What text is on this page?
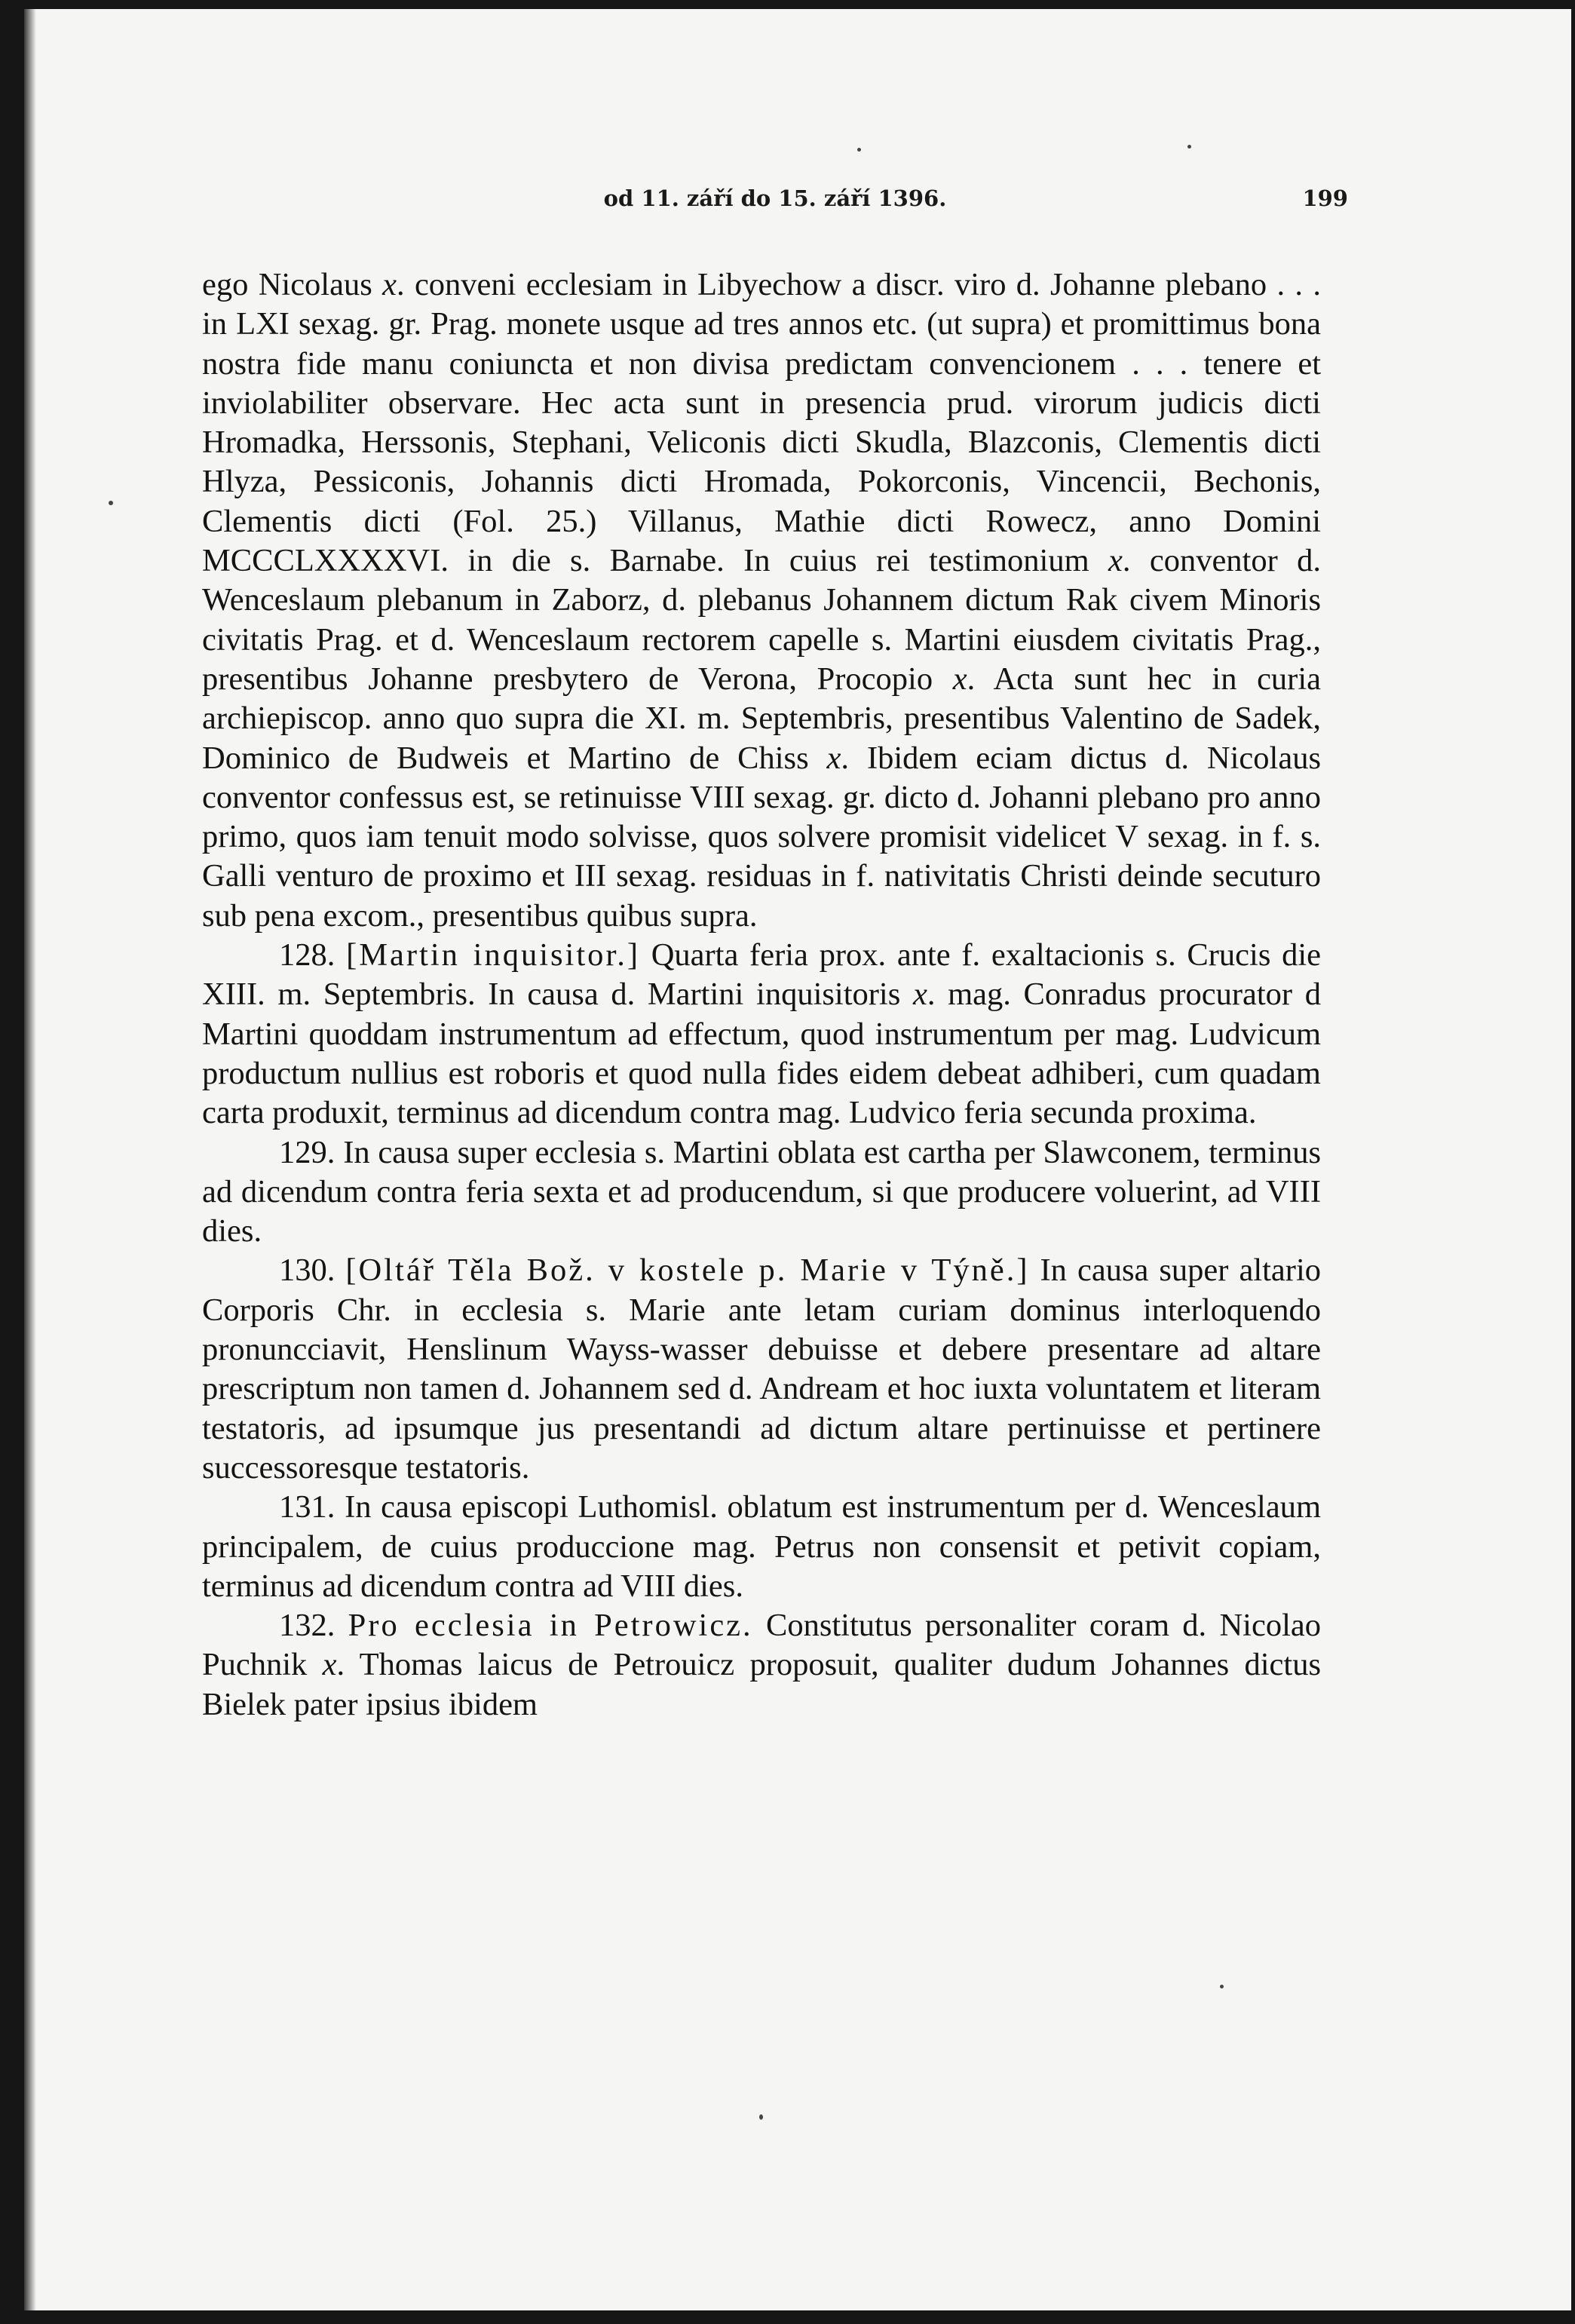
od 11. září do 15. září 1396.	199

ego Nicolaus x. conveni ecclesiam in Libyechow a discr. viro d. Johanne plebano . . . in LXI sexag. gr. Prag. monete usque ad tres annos etc. (ut supra) et promittimus bona nostra fide manu coniuncta et non divisa predictam convencionem . . . tenere et inviolabiliter observare. Hec acta sunt in presencia prud. virorum judicis dicti Hromadka, Herssonis, Stephani, Veliconis dicti Skudla, Blazconis, Clementis dicti Hlyza, Pessiconis, Johannis dicti Hromada, Pokorconis, Vincencii, Bechonis, Clementis dicti (Fol. 25.) Villanus, Mathie dicti Rowecz, anno Domini MCCCLXXXXVI. in die s. Barnabe. In cuius rei testimonium x. conventor d. Wenceslaum plebanum in Zaborz, d. plebanus Johannem dictum Rak civem Minoris civitatis Prag. et d. Wenceslaum rectorem capelle s. Martini eiusdem civitatis Prag., presentibus Johanne presbytero de Verona, Procopio x. Acta sunt hec in curia archiepiscop. anno quo supra die XI. m. Septembris, presentibus Valentino de Sadek, Dominico de Budweis et Martino de Chiss x. Ibidem eciam dictus d. Nicolaus conventor confessus est, se retinuisse VIII sexag. gr. dicto d. Johanni plebano pro anno primo, quos iam tenuit modo solvisse, quos solvere promisit videlicet V sexag. in f. s. Galli venturo de proximo et III sexag. residuas in f. nativitatis Christi deinde secuturo sub pena excom., presentibus quibus supra.

128. [Martin inquisitor.] Quarta feria prox. ante f. exaltacionis s. Crucis die XIII. m. Septembris. In causa d. Martini inquisitoris x. mag. Conradus procurator d Martini quoddam instrumentum ad effectum, quod instrumentum per mag. Ludvicum productum nullius est roboris et quod nulla fides eidem debeat adhiberi, cum quadam carta produxit, terminus ad dicendum contra mag. Ludvico feria secunda proxima.

129. In causa super ecclesia s. Martini oblata est cartha per Slawconem, terminus ad dicendum contra feria sexta et ad producendum, si que producere voluerint, ad VIII dies.

130. [Oltář Těla Bož. v kostele p. Marie v Týně.] In causa super altario Corporis Chr. in ecclesia s. Marie ante letam curiam dominus interloquendo pronuncciavit, Henslinum Wayss-wasser debuisse et debere presentare ad altare prescriptum non tamen d. Johannem sed d. Andream et hoc iuxta voluntatem et literam testatoris, ad ipsumque jus presentandi ad dictum altare pertinuisse et pertinere successoresque testatoris.

131. In causa episcopi Luthomisl. oblatum est instrumentum per d. Wenceslaum principalem, de cuius produccione mag. Petrus non consensit et petivit copiam, terminus ad dicendum contra ad VIII dies.

132. Pro ecclesia in Petrowicz. Constitutus personaliter coram d. Nicolao Puchnik x. Thomas laicus de Petrouicz proposuit, qualiter dudum Johannes dictus Bielek pater ipsius ibidem
